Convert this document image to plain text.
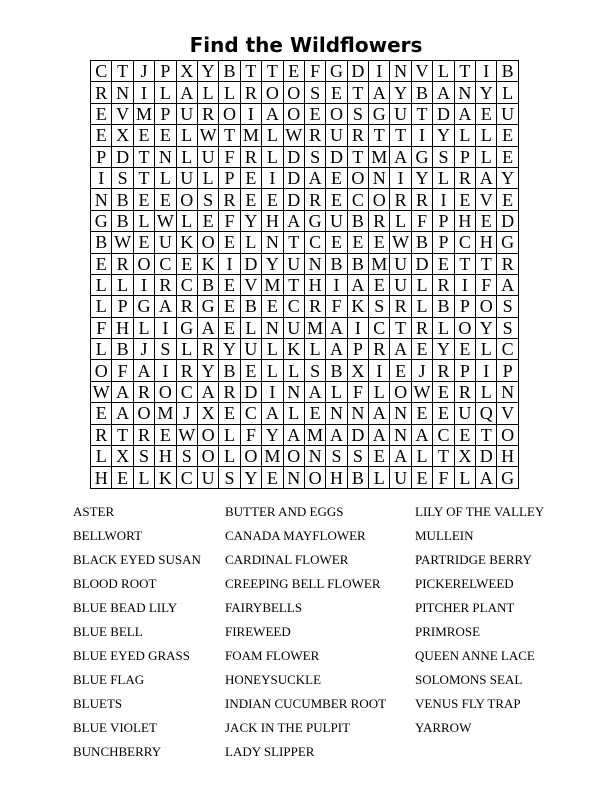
Find the Wildflowers
C	T	J	P	X	Y	B	T	T	E	F	G	D	I	N	V	L	T	I	B
R	N	I	L	A	L	L	R	O	O	S	E	T	A	Y	B	A	N	Y	L
E	V	M	P	U	R	O	I	A	O	E	O	S	G	U	T	D	A	E	U
E	X	E	E	L	W	T	M	L	W	R	U	R	T	T	I	Y	L	L	E
P	D	T	N	L	U	F	R	L	D	S	D	T	M	A	G	S	P	L	E
I	S	T	L	U	L	P	E	I	D	A	E	O	N	I	Y	L	R	A	Y
N	B	E	E	O	S	R	E	E	D	R	E	C	O	R	R	I	E	V	E
G	B	L	W	L	E	F	Y	H	A	G	U	B	R	L	F	P	H	E	D
B	W	E	U	K	O	E	L	N	T	C	E	E	E	W	B	P	C	H	G
E	R	O	C	E	K	I	D	Y	U	N	B	B	M	U	D	E	T	T	R
L	L	I	R	C	B	E	V	M	T	H	I	A	E	U	L	R	I	F	A
L	P	G	A	R	G	E	B	E	C	R	F	K	S	R	L	B	P	O	S
F	H	L	I	G	A	E	L	N	U	M	A	I	C	T	R	L	O	Y	S
L	B	J	S	L	R	Y	U	L	K	L	A	P	R	A	E	Y	E	L	C
O	F	A	I	R	Y	B	E	L	L	S	B	X	I	E	J	R	P	I	P
W	A	R	O	C	A	R	D	I	N	A	L	F	L	O	W	E	R	L	N
E	A	O	M	J	X	E	C	A	L	E	N	N	A	N	E	E	U	Q	V
R	T	R	E	W	O	L	F	Y	A	M	A	D	A	N	A	C	E	T	O
L	X	S	H	S	O	L	O	M	O	N	S	S	E	A	L	T	X	D	H
H	E	L	K	C	U	S	Y	E	N	O	H	B	L	U	E	F	L	A	G
ASTER	BUTTER AND EGGS	LILY OF THE VALLEY
BELLWORT	CANADA MAYFLOWER	MULLEIN
BLACK EYED SUSAN	CARDINAL FLOWER	PARTRIDGE BERRY
BLOOD ROOT	CREEPING BELL FLOWER	PICKERELWEED
BLUE BEAD LILY	FAIRYBELLS	PITCHER PLANT
BLUE BELL	FIREWEED	PRIMROSE
BLUE EYED GRASS	FOAM FLOWER	QUEEN ANNE LACE
BLUE FLAG	HONEYSUCKLE	SOLOMONS SEAL
BLUETS	INDIAN CUCUMBER ROOT	VENUS FLY TRAP
BLUE VIOLET	JACK IN THE PULPIT	YARROW
BUNCHBERRY	LADY SLIPPER
